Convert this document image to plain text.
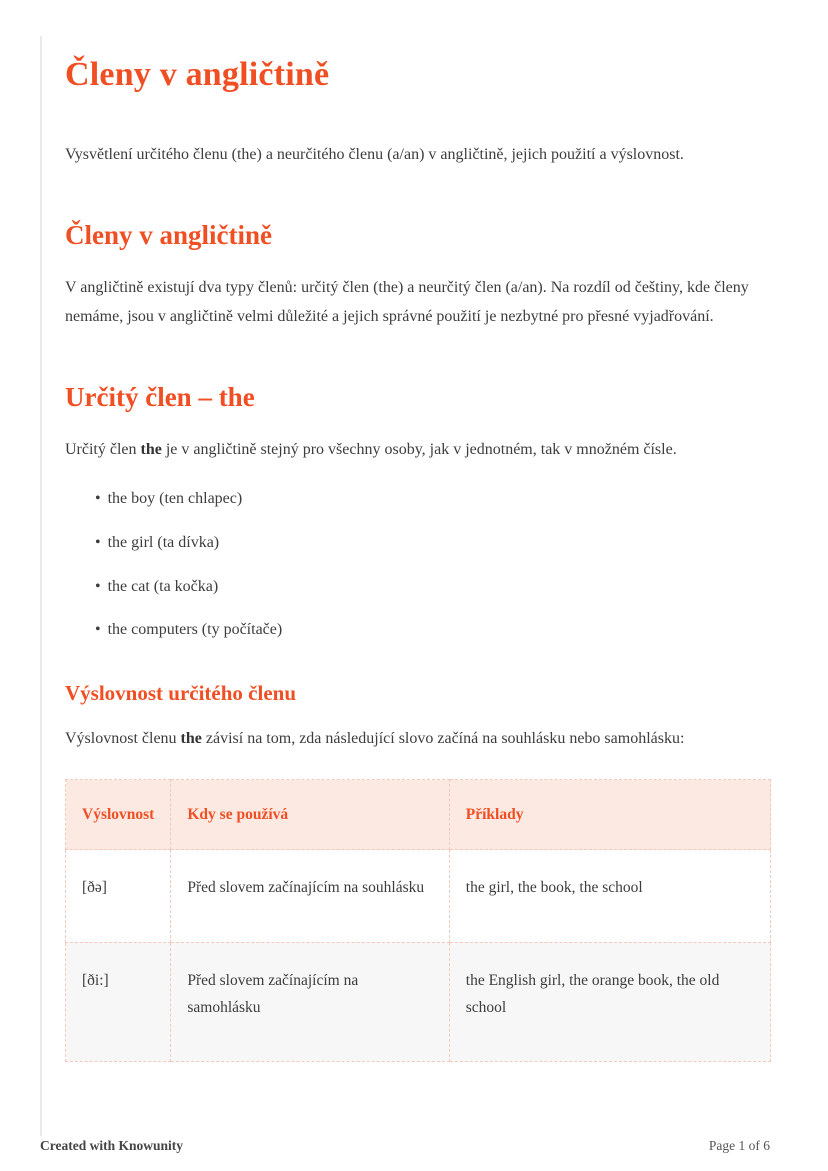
Členy v angličtině

Vysvětlení určitého členu (the) a neurčitého členu (a/an) v angličtině, jejich použití a výslovnost.

Členy v angličtině

V angličtině existují dva typy členů: určitý člen (the) a neurčitý člen (a/an). Na rozdíl od češtiny, kde členy nemáme, jsou v angličtině velmi důležité a jejich správné použití je nezbytné pro přesné vyjadřování.

Určitý člen – the

Určitý člen the je v angličtině stejný pro všechny osoby, jak v jednotném, tak v množném čísle.

• the boy (ten chlapec)
• the girl (ta dívka)
• the cat (ta kočka)
• the computers (ty počítače)
Výslovnost určitého členu

Výslovnost členu the závisí na tom, zda následující slovo začíná na souhlásku nebo samohlásku:

Výslovnost	Kdy se používá	Příklady
[ðə]	Před slovem začínajícím na souhlásku	the girl, the book, the school
[ði:]	Před slovem začínajícím na samohlásku	the English girl, the orange book, the old school
Created with Knowunity	Page 1 of 6
